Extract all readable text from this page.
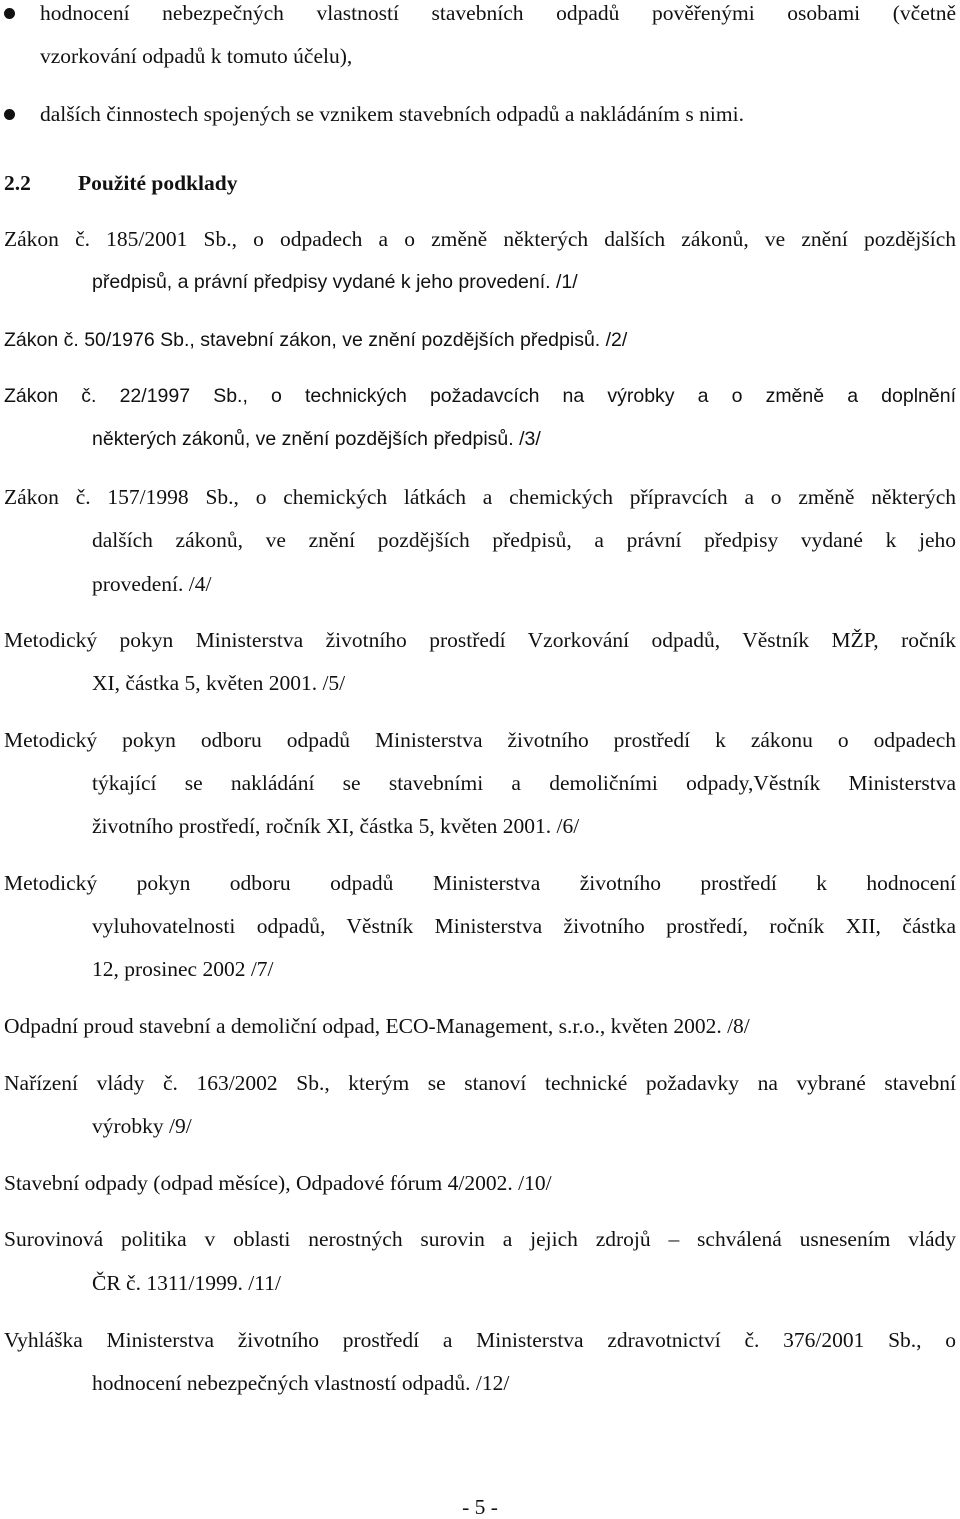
hodnocení nebezpečných vlastností stavebních odpadů pověřenými osobami (včetně
vzorkování odpadů k tomuto účelu),
dalších činnostech spojených se vznikem stavebních odpadů a nakládáním s nimi.
2.2 Použité podklady
Zákon č. 185/2001 Sb., o odpadech a o změně některých dalších zákonů, ve znění pozdějších
předpisů, a právní předpisy vydané k jeho provedení. /1/
Zákon č. 50/1976 Sb., stavební zákon, ve znění pozdějších předpisů. /2/
Zákon č. 22/1997 Sb., o technických požadavcích na výrobky a o změně a doplnění
některých zákonů, ve znění pozdějších předpisů. /3/
Zákon č. 157/1998 Sb., o chemických látkách a chemických přípravcích a o změně některých
dalších zákonů, ve znění pozdějších předpisů, a právní předpisy vydané k jeho
provedení. /4/
Metodický pokyn Ministerstva životního prostředí Vzorkování odpadů, Věstník MŽP, ročník
XI, částka 5, květen 2001. /5/
Metodický pokyn odboru odpadů Ministerstva životního prostředí k zákonu o odpadech
týkající se nakládání se stavebními a demoličními odpady,Věstník Ministerstva
životního prostředí, ročník XI, částka 5, květen 2001. /6/
Metodický pokyn odboru odpadů Ministerstva životního prostředí k hodnocení
vyluhovatelnosti odpadů, Věstník Ministerstva životního prostředí, ročník XII, částka
12, prosinec 2002 /7/
Odpadní proud stavební a demoliční odpad, ECO-Management, s.r.o., květen 2002. /8/
Nařízení vlády č. 163/2002 Sb., kterým se stanoví technické požadavky na vybrané stavební
výrobky /9/
Stavební odpady (odpad měsíce), Odpadové fórum 4/2002. /10/
Surovinová politika v oblasti nerostných surovin a jejich zdrojů – schválená usnesením vlády
ČR č. 1311/1999. /11/
Vyhláška Ministerstva životního prostředí a Ministerstva zdravotnictví č. 376/2001 Sb., o
hodnocení nebezpečných vlastností odpadů. /12/
- 5 -
